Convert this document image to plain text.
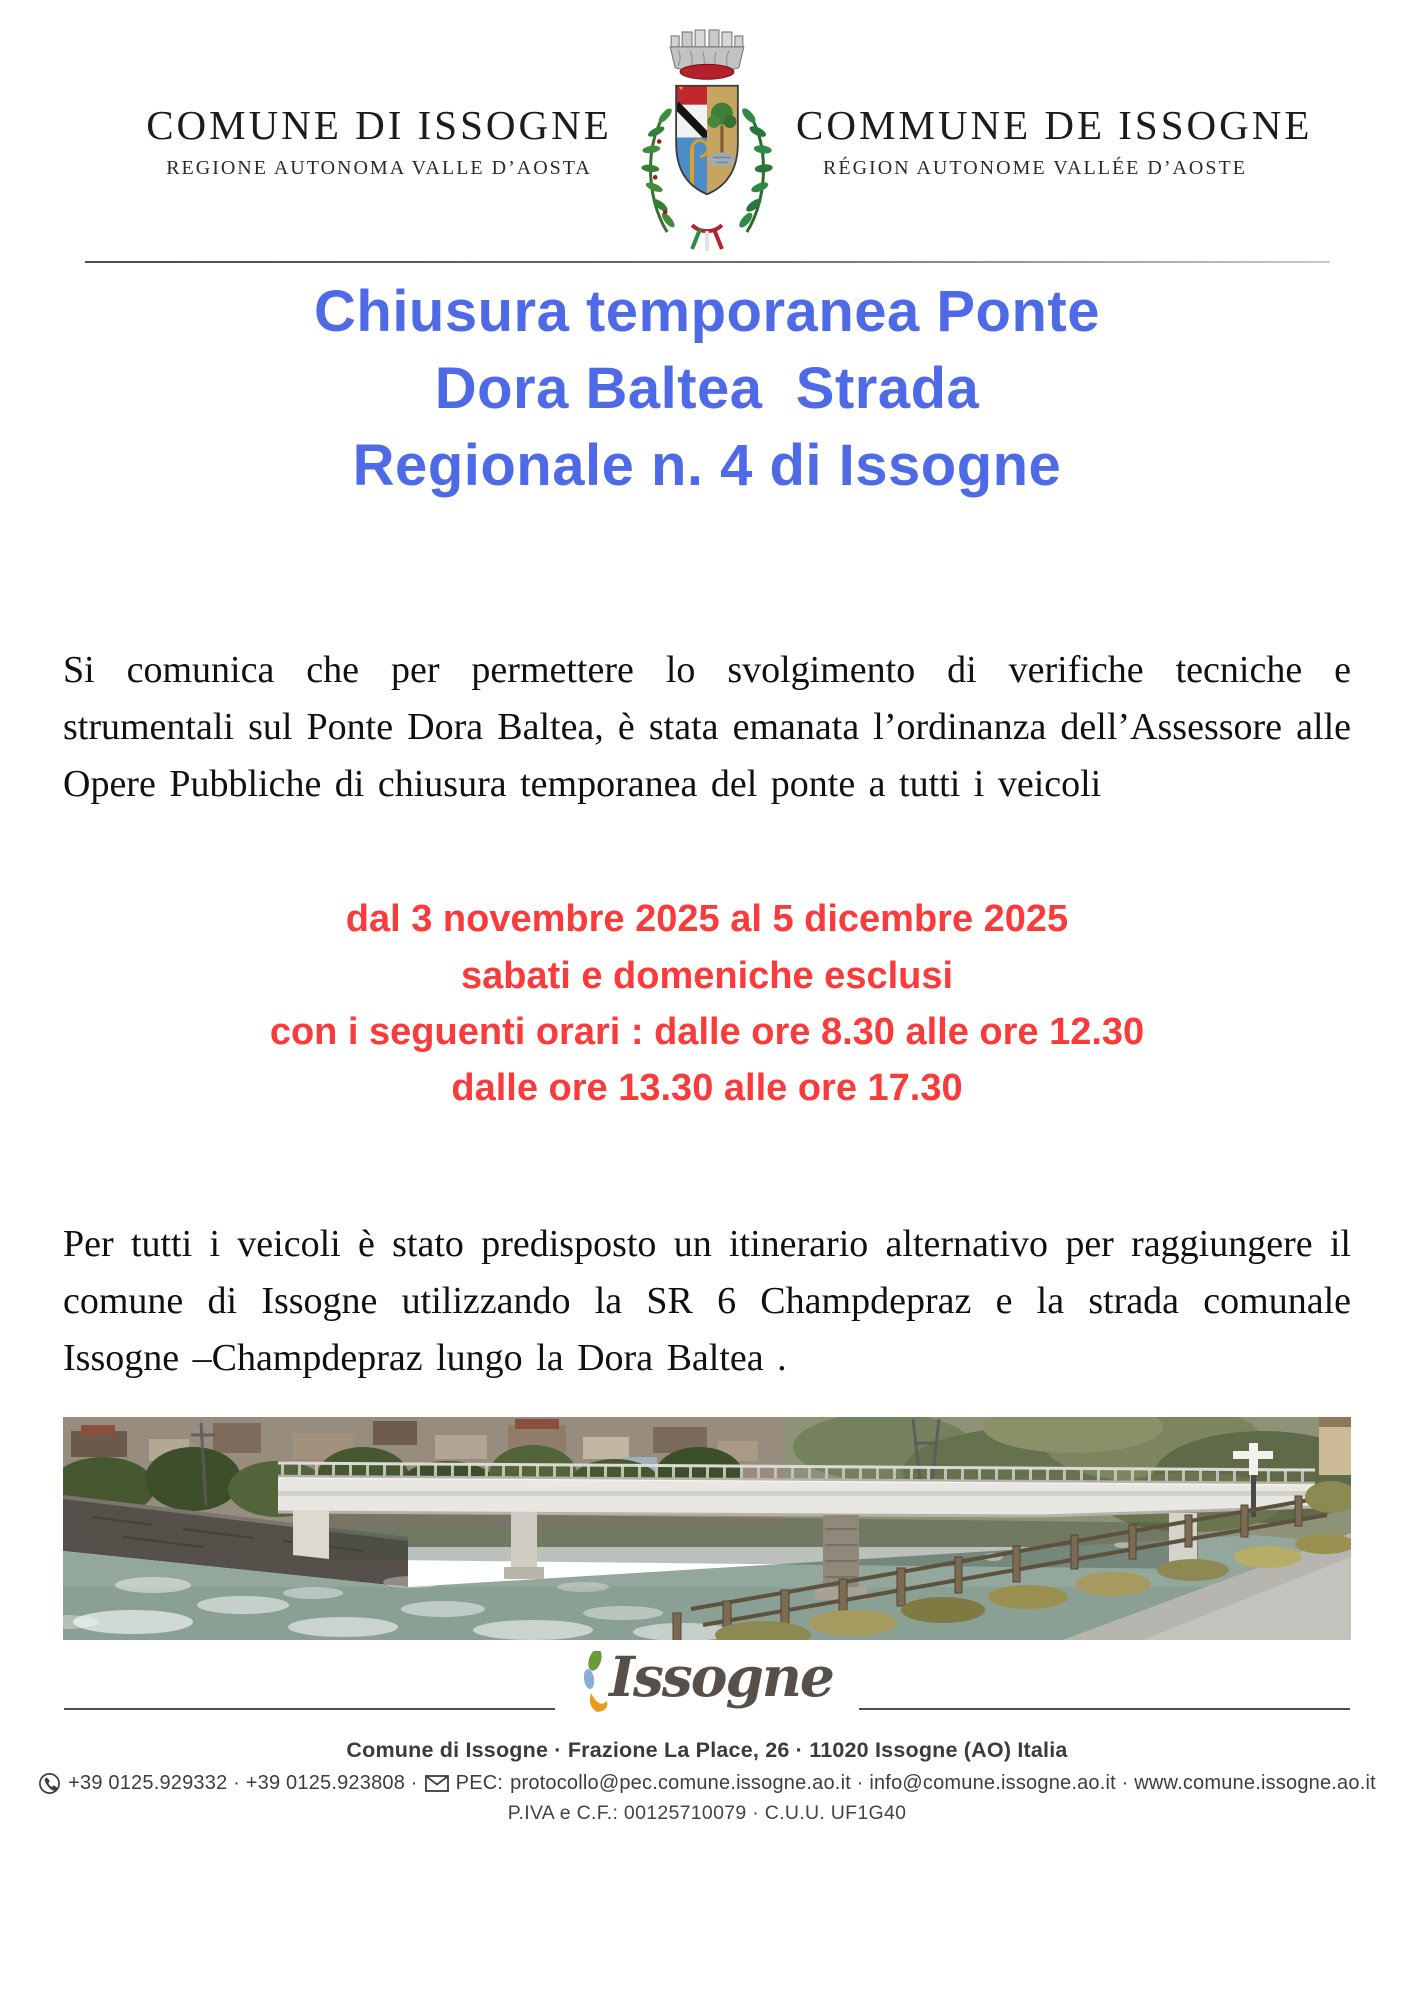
COMUNE DI ISSOGNE
REGIONE AUTONOMA VALLE D’AOSTA
COMMUNE DE ISSOGNE
RÉGION AUTONOME VALLÉE D’AOSTE
Chiusura temporanea Ponte
Dora Baltea  Strada
Regionale n. 4 di Issogne

Si comunica che per permettere lo svolgimento di verifiche tecniche e strumentali sul Ponte Dora Baltea, è stata emanata l’ordinanza dell’Assessore alle Opere Pubbliche di chiusura temporanea del ponte a tutti i veicoli

dal 3 novembre 2025 al 5 dicembre 2025
sabati e domeniche esclusi
con i seguenti orari : dalle ore 8.30 alle ore 12.30
dalle ore 13.30 alle ore 17.30

Per tutti i veicoli è stato predisposto un itinerario alternativo per raggiungere il comune di Issogne utilizzando la SR 6 Champdepraz e la strada comunale Issogne –Champdepraz lungo la Dora Baltea .

Issogne
Comune di Issogne · Frazione La Place, 26 · 11020 Issogne (AO) Italia
+39 0125.929332 · +39 0125.923808 · PEC: protocollo@pec.comune.issogne.ao.it · info@comune.issogne.ao.it · www.comune.issogne.ao.it
P.IVA e C.F.: 00125710079 · C.U.U. UF1G40
